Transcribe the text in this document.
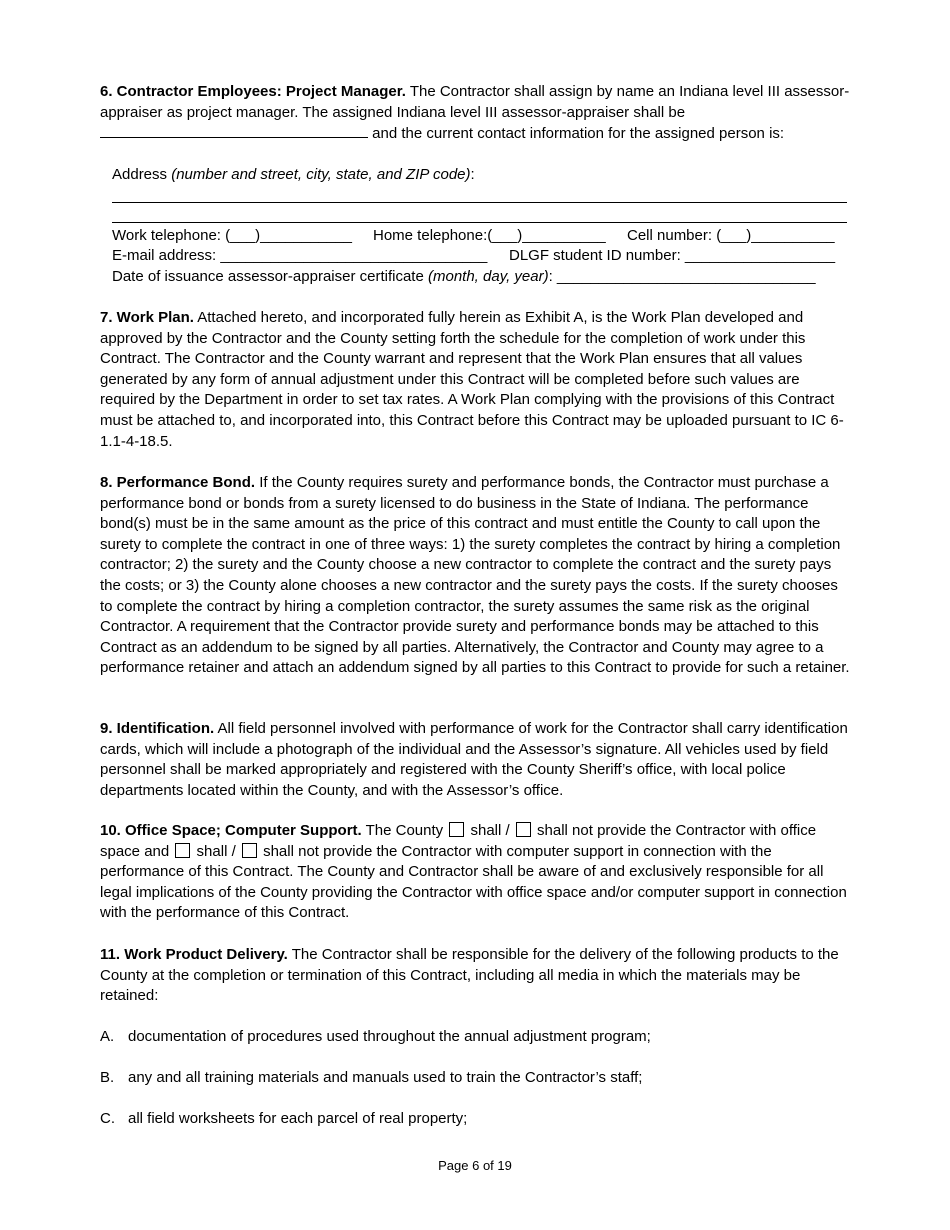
6. Contractor Employees: Project Manager. The Contractor shall assign by name an Indiana level III assessor-appraiser as project manager. The assigned Indiana level III assessor-appraiser shall be
and the current contact information for the assigned person is:

Address (number and street, city, state, and ZIP code):
Work telephone: (___)___________ Home telephone:(___)__________ Cell number: (___)__________
E-mail address: ________________________________ DLGF student ID number: __________________
Date of issuance assessor-appraiser certificate (month, day, year): _______________________________

7. Work Plan. Attached hereto, and incorporated fully herein as Exhibit A, is the Work Plan developed and approved by the Contractor and the County setting forth the schedule for the completion of work under this Contract. The Contractor and the County warrant and represent that the Work Plan ensures that all values generated by any form of annual adjustment under this Contract will be completed before such values are required by the Department in order to set tax rates. A Work Plan complying with the provisions of this Contract must be attached to, and incorporated into, this Contract before this Contract may be uploaded pursuant to IC 6-1.1-4-18.5.

8. Performance Bond. If the County requires surety and performance bonds, the Contractor must purchase a performance bond or bonds from a surety licensed to do business in the State of Indiana. The performance bond(s) must be in the same amount as the price of this contract and must entitle the County to call upon the surety to complete the contract in one of three ways: 1) the surety completes the contract by hiring a completion contractor; 2) the surety and the County choose a new contractor to complete the contract and the surety pays the costs; or 3) the County alone chooses a new contractor and the surety pays the costs. If the surety chooses to complete the contract by hiring a completion contractor, the surety assumes the same risk as the original Contractor. A requirement that the Contractor provide surety and performance bonds may be attached to this Contract as an addendum to be signed by all parties. Alternatively, the Contractor and County may agree to a performance retainer and attach an addendum signed by all parties to this Contract to provide for such a retainer.

9. Identification. All field personnel involved with performance of work for the Contractor shall carry identification cards, which will include a photograph of the individual and the Assessor’s signature. All vehicles used by field personnel shall be marked appropriately and registered with the County Sheriff’s office, with local police departments located within the County, and with the Assessor’s office.

10. Office Space; Computer Support. The County  shall /  shall not provide the Contractor with office space and  shall /  shall not provide the Contractor with computer support in connection with the performance of this Contract. The County and Contractor shall be aware of and exclusively responsible for all legal implications of the County providing the Contractor with office space and/or computer support in connection with the performance of this Contract.

11. Work Product Delivery. The Contractor shall be responsible for the delivery of the following products to the County at the completion or termination of this Contract, including all media in which the materials may be retained:

A. documentation of procedures used throughout the annual adjustment program;
B. any and all training materials and manuals used to train the Contractor’s staff;
C. all field worksheets for each parcel of real property;
Page 6 of 19
